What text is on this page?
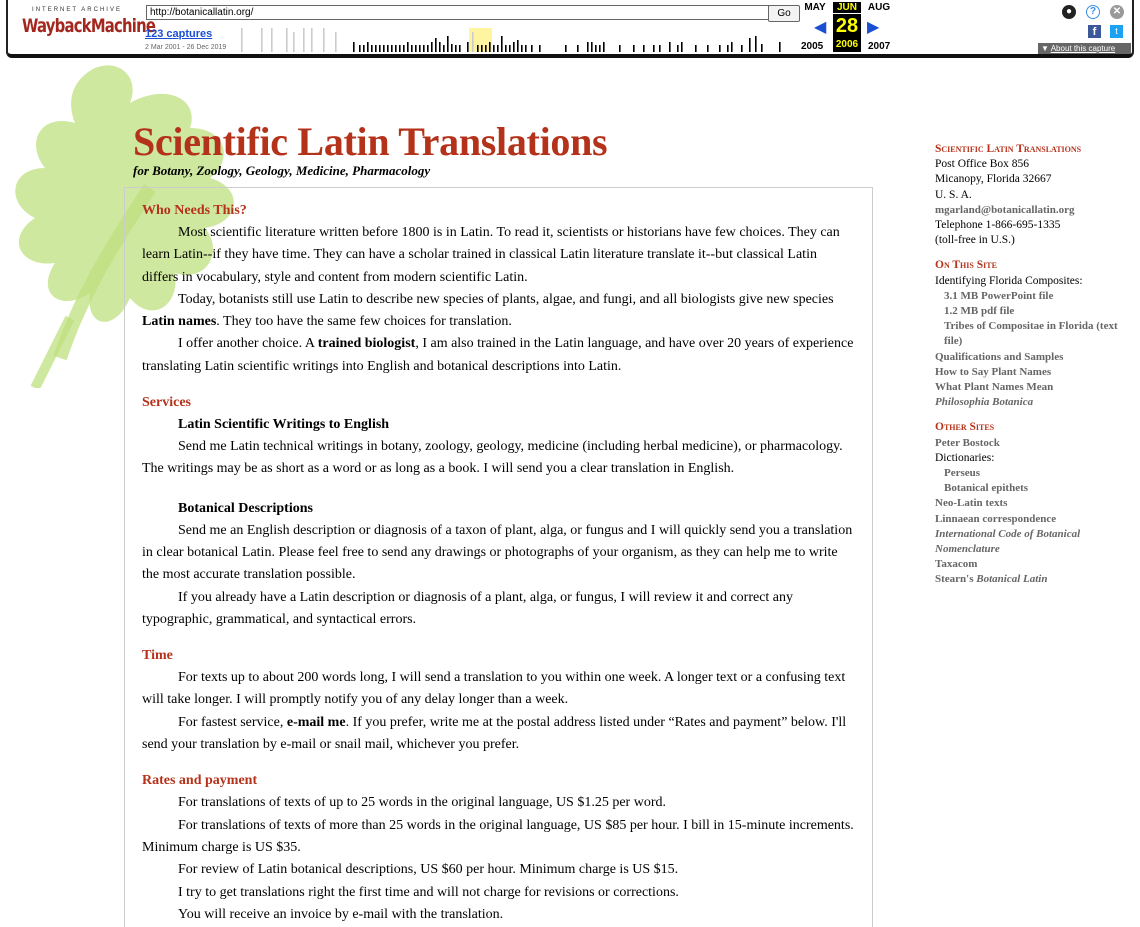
INTERNET ARCHIVE
WaybackMachine
http://botanicallatin.org/	Go
123 captures
2 Mar 2001 - 26 Dec 2019
MAY	JUN	AUG
◀ 28 ▶
2005 2006 2007
●	?	✕
f	t
▼ About this capture
Scientific Latin Translations
for Botany, Zoology, Geology, Medicine, Pharmacology
Who Needs This?

Most scientific literature written before 1800 is in Latin. To read it, scientists or historians have few choices. They can learn Latin--if they have time. They can have a scholar trained in classical Latin literature translate it--but classical Latin differs in vocabulary, style and content from modern scientific Latin.

Today, botanists still use Latin to describe new species of plants, algae, and fungi, and all biologists give new species Latin names. They too have the same few choices for translation.

I offer another choice. A trained biologist, I am also trained in the Latin language, and have over 20 years of experience translating Latin scientific writings into English and botanical descriptions into Latin.

Services
Latin Scientific Writings to English

Send me Latin technical writings in botany, zoology, geology, medicine (including herbal medicine), or pharmacology. The writings may be as short as a word or as long as a book. I will send you a clear translation in English.

Botanical Descriptions

Send me an English description or diagnosis of a taxon of plant, alga, or fungus and I will quickly send you a translation in clear botanical Latin. Please feel free to send any drawings or photographs of your organism, as they can help me to write the most accurate translation possible.

If you already have a Latin description or diagnosis of a plant, alga, or fungus, I will review it and correct any typographic, grammatical, and syntactical errors.

Time

For texts up to about 200 words long, I will send a translation to you within one week. A longer text or a confusing text will take longer. I will promptly notify you of any delay longer than a week.

For fastest service, e-mail me. If you prefer, write me at the postal address listed under “Rates and payment” below. I'll send your translation by e-mail or snail mail, whichever you prefer.

Rates and payment

For translations of texts of up to 25 words in the original language, US $1.25 per word.

For translations of texts of more than 25 words in the original language, US $85 per hour. I bill in 15-minute increments. Minimum charge is US $35.

For review of Latin botanical descriptions, US $60 per hour. Minimum charge is US $15.

I try to get translations right the first time and will not charge for revisions or corrections.

You will receive an invoice by e-mail with the translation.

Scientific Latin Translations
Post Office Box 856
Micanopy, Florida 32667
U. S. A.
mgarland@botanicallatin.org
Telephone 1-866-695-1335
(toll-free in U.S.)
On This Site
Identifying Florida Composites:
3.1 MB PowerPoint file
1.2 MB pdf file
Tribes of Compositae in Florida (text file)
Qualifications and Samples
How to Say Plant Names
What Plant Names Mean
Philosophia Botanica
Other Sites
Peter Bostock
Dictionaries:
Perseus
Botanical epithets
Neo-Latin texts
Linnaean correspondence
International Code of Botanical Nomenclature
Taxacom
Stearn's Botanical Latin
